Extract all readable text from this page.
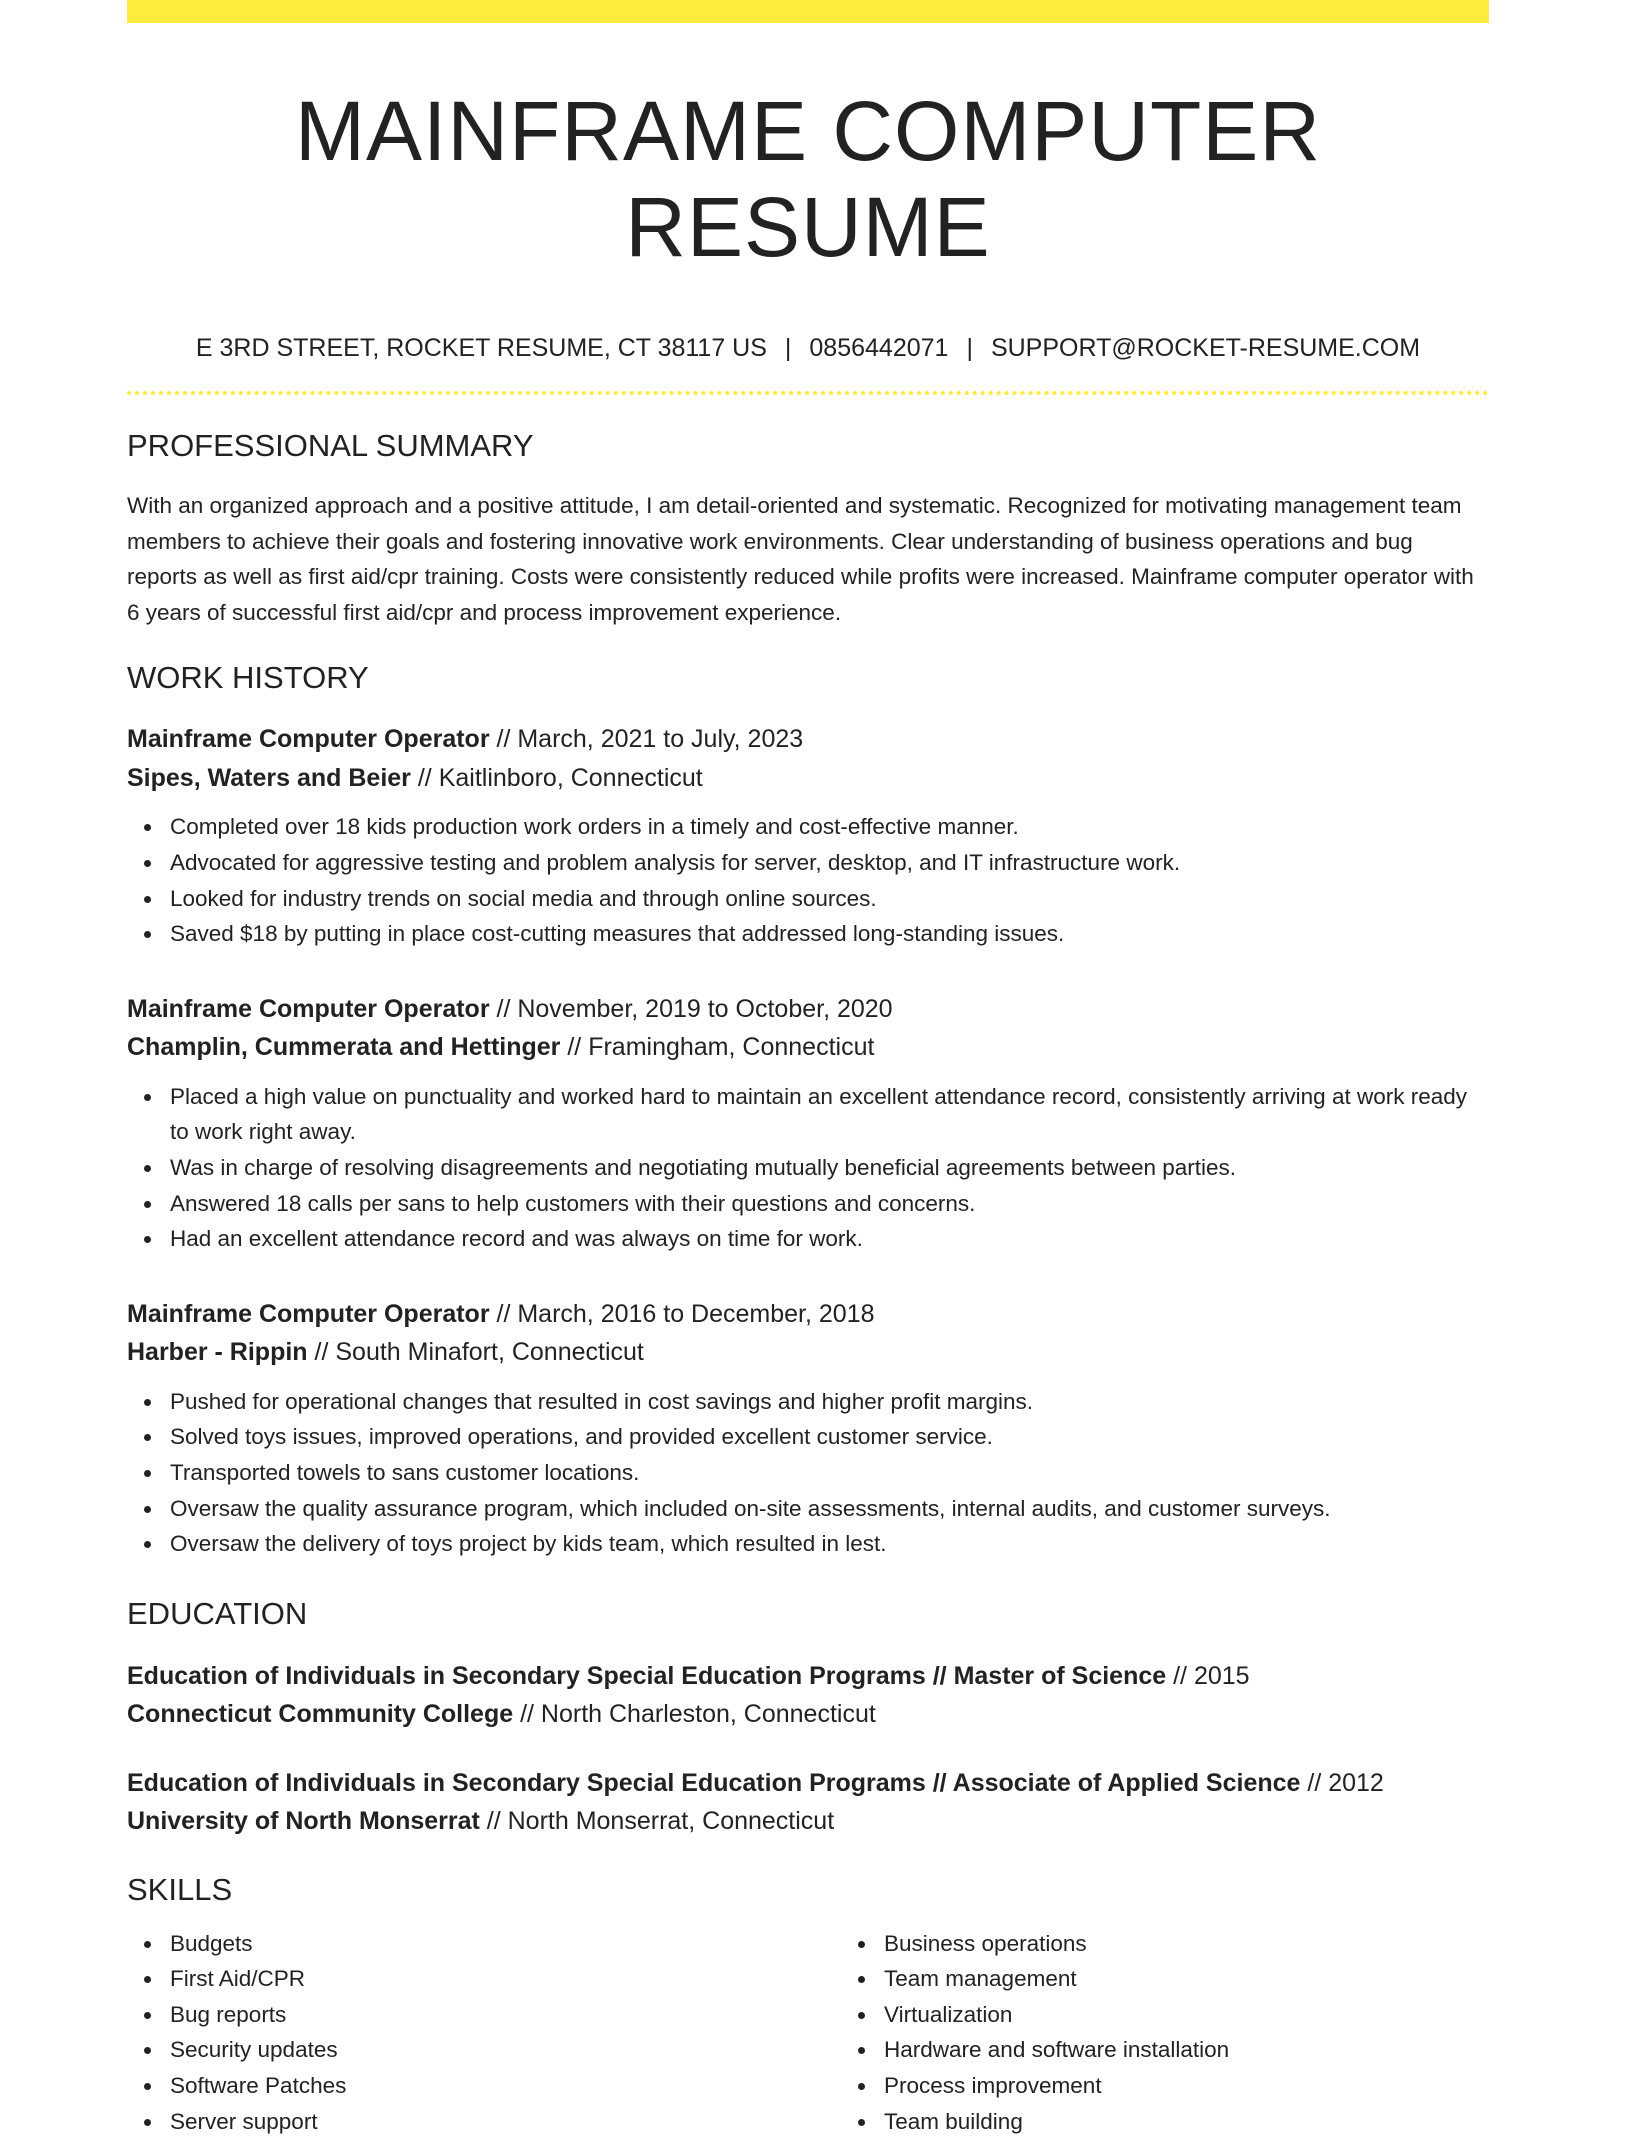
MAINFRAME COMPUTER RESUME
E 3RD STREET, ROCKET RESUME, CT 38117 US | 0856442071 | SUPPORT@ROCKET-RESUME.COM
PROFESSIONAL SUMMARY

With an organized approach and a positive attitude, I am detail-oriented and systematic. Recognized for motivating management team members to achieve their goals and fostering innovative work environments. Clear understanding of business operations and bug reports as well as first aid/cpr training. Costs were consistently reduced while profits were increased. Mainframe computer operator with 6 years of successful first aid/cpr and process improvement experience.

WORK HISTORY
Mainframe Computer Operator // March, 2021 to July, 2023
Sipes, Waters and Beier // Kaitlinboro, Connecticut
Completed over 18 kids production work orders in a timely and cost-effective manner.
Advocated for aggressive testing and problem analysis for server, desktop, and IT infrastructure work.
Looked for industry trends on social media and through online sources.
Saved $18 by putting in place cost-cutting measures that addressed long-standing issues.
Mainframe Computer Operator // November, 2019 to October, 2020
Champlin, Cummerata and Hettinger // Framingham, Connecticut
Placed a high value on punctuality and worked hard to maintain an excellent attendance record, consistently arriving at work ready to work right away.
Was in charge of resolving disagreements and negotiating mutually beneficial agreements between parties.
Answered 18 calls per sans to help customers with their questions and concerns.
Had an excellent attendance record and was always on time for work.
Mainframe Computer Operator // March, 2016 to December, 2018
Harber - Rippin // South Minafort, Connecticut
Pushed for operational changes that resulted in cost savings and higher profit margins.
Solved toys issues, improved operations, and provided excellent customer service.
Transported towels to sans customer locations.
Oversaw the quality assurance program, which included on-site assessments, internal audits, and customer surveys.
Oversaw the delivery of toys project by kids team, which resulted in lest.
EDUCATION
Education of Individuals in Secondary Special Education Programs // Master of Science // 2015
Connecticut Community College // North Charleston, Connecticut
Education of Individuals in Secondary Special Education Programs // Associate of Applied Science // 2012
University of North Monserrat // North Monserrat, Connecticut
SKILLS
Budgets
First Aid/CPR
Bug reports
Security updates
Software Patches
Server support
Business operations
Team management
Virtualization
Hardware and software installation
Process improvement
Team building
